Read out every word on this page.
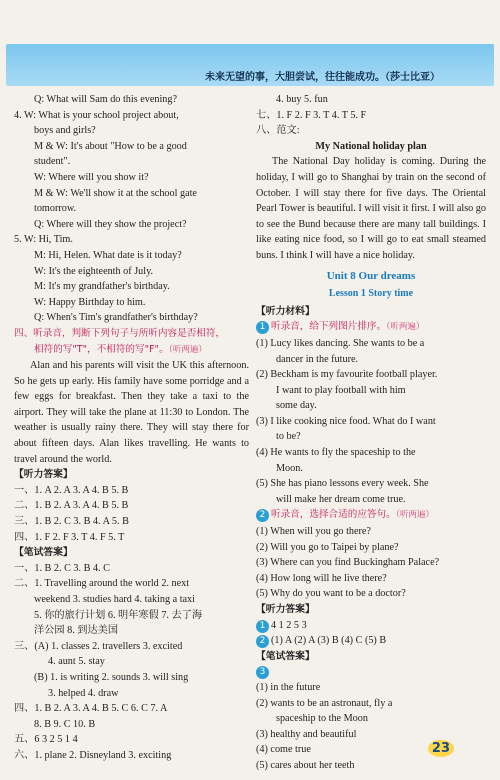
未来无望的事，大胆尝试，往往能成功。（莎士比亚）
Q: What will Sam do this evening?
4. W: What is your school project about,
boys and girls?
M & W: It's about "How to be a good
student".
W: Where will you show it?
M & W: We'll show it at the school gate
tomorrow.
Q: Where will they show the project?
5. W: Hi, Tim.
M: Hi, Helen. What date is it today?
W: It's the eighteenth of July.
M: It's my grandfather's birthday.
W: Happy Birthday to him.
Q: When's Tim's grandfather's birthday?
四、听录音，判断下列句子与所听内容是否相符，
相符的写"T"，不相符的写"F"。（听两遍）
Alan and his parents will visit the UK this afternoon. So he gets up early. His family have some porridge and a few eggs for breakfast. Then they take a taxi to the airport. They will take the plane at 11:30 to London. The weather is usually rainy there. They will stay there for about fifteen days. Alan likes travelling. He wants to travel around the world.
【听力答案】
一、1. A 2. A 3. A 4. B 5. B
二、1. B 2. A 3. A 4. B 5. B
三、1. B 2. C 3. B 4. A 5. B
四、1. F 2. F 3. T 4. F 5. T
【笔试答案】
一、1. B 2. C 3. B 4. C
二、1. Travelling around the world 2. next
weekend 3. studies hard 4. taking a taxi
5. 你的旅行计划 6. 明年寒假 7. 去了海
洋公园 8. 到达美国
三、(A) 1. classes 2. travellers 3. excited
4. aunt 5. stay
(B) 1. is writing 2. sounds 3. will sing
3. helped 4. draw
四、1. B 2. A 3. A 4. B 5. C 6. C 7. A
8. B 9. C 10. B
五、6 3 2 5 1 4
六、1. plane 2. Disneyland 3. exciting
4. buy 5. fun
七、1. F 2. F 3. T 4. T 5. F
八、范文:
My National holiday plan
The National Day holiday is coming. During the holiday, I will go to Shanghai by train on the second of October. I will stay there for five days. The Oriental Pearl Tower is beautiful. I will visit it first. I will also go to see the Bund because there are many tall buildings. I like eating nice food, so I will go to eat small steamed buns. I think I will have a nice holiday.
Unit 8 Our dreams
Lesson 1 Story time
【听力材料】
1 听录音，给下列图片排序。（听两遍）
(1) Lucy likes dancing. She wants to be a
dancer in the future.
(2) Beckham is my favourite football player.
I want to play football with him
some day.
(3) I like cooking nice food. What do I want
to be?
(4) He wants to fly the spaceship to the
Moon.
(5) She has piano lessons every week. She
will make her dream come true.
2 听录音，选择合适的应答句。（听两遍）
(1) When will you go there?
(2) Will you go to Taipei by plane?
(3) Where can you find Buckingham Palace?
(4) How long will he live there?
(5) Why do you want to be a doctor?
【听力答案】
1 4 1 2 5 3
2 (1) A (2) A (3) B (4) C (5) B
【笔试答案】
3
(1) in the future
(2) wants to be an astronaut, fly a
spaceship to the Moon
(3) healthy and beautiful
(4) come true
(5) cares about her teeth
23
